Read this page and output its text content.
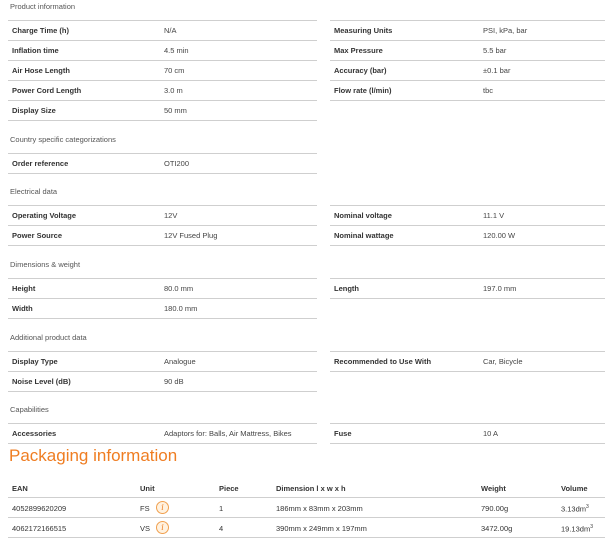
Product information
Charge Time (h)	N/A
Inflation time	4.5 min
Air Hose Length	70 cm
Power Cord Length	3.0 m
Display Size	50 mm
Measuring Units	PSI, kPa, bar
Max Pressure	5.5 bar
Accuracy (bar)	±0.1 bar
Flow rate (l/min)	tbc
Country specific categorizations
Order reference	OTI200
Electrical data
Operating Voltage	12V
Power Source	12V Fused Plug
Nominal voltage	11.1 V
Nominal wattage	120.00 W
Dimensions & weight
Height	80.0 mm
Width	180.0 mm
Length	197.0 mm
Additional product data
Display Type	Analogue
Noise Level (dB)	90 dB
Recommended to Use With	Car, Bicycle
Capabilities
Accessories	Adaptors for: Balls, Air Mattress, Bikes	Fuse	10 A
Packaging information
EAN	Unit	Piece	Dimension l x w x h	Weight	Volume
4052899620209	FS	i	1	186mm x 83mm x 203mm	790.00g	$3.13dm^3$
4062172166515	VS	i	4	390mm x 249mm x 197mm	3472.00g	$19.13dm^3$
